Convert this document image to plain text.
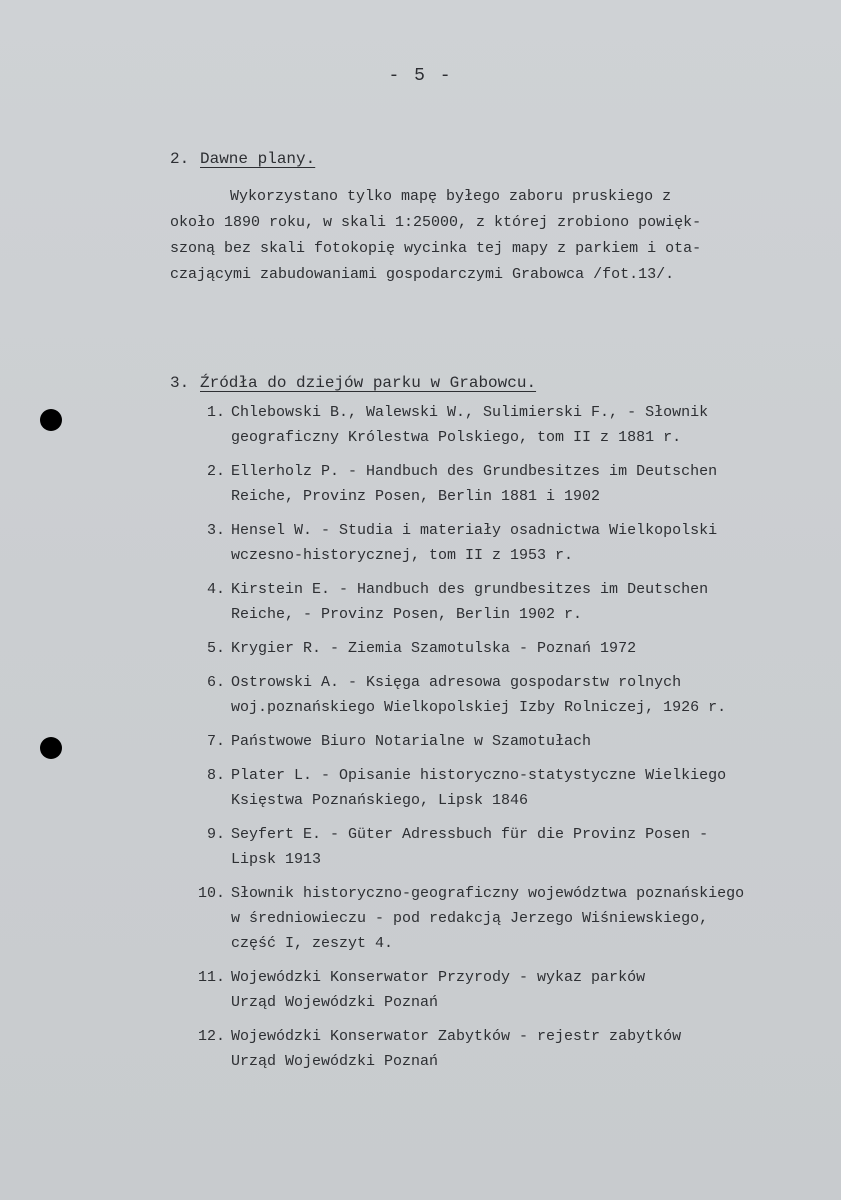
- 5 -
2. Dawne plany.
Wykorzystano tylko mapę byłego zaboru pruskiego z
około 1890 roku, w skali 1:25000, z której zrobiono powięk-
szoną bez skali fotokopię wycinka tej mapy z parkiem i ota-
czającymi zabudowaniami gospodarczymi Grabowca /fot.13/.
3. Źródła do dziejów parku w Grabowcu.
1. Chlebowski B., Walewski W., Sulimierski F., - Słownik
geograficzny Królestwa Polskiego, tom II z 1881 r.
2. Ellerholz P. - Handbuch des Grundbesitzes im Deutschen
Reiche, Provinz Posen, Berlin 1881 i 1902
3. Hensel W. - Studia i materiały osadnictwa Wielkopolski
wczesno-historycznej, tom II z 1953 r.
4. Kirstein E. - Handbuch des grundbesitzes im Deutschen
Reiche, - Provinz Posen, Berlin 1902 r.
5. Krygier R. - Ziemia Szamotulska - Poznań 1972
6. Ostrowski A. - Księga adresowa gospodarstw rolnych
woj.poznańskiego Wielkopolskiej Izby Rolniczej, 1926 r.
7. Państwowe Biuro Notarialne w Szamotułach
8. Plater L. - Opisanie historyczno-statystyczne Wielkiego
Księstwa Poznańskiego, Lipsk 1846
9. Seyfert E. - Güter Adressbuch für die Provinz Posen -
Lipsk 1913
10. Słownik historyczno-geograficzny województwa poznańskiego
w średniowieczu - pod redakcją Jerzego Wiśniewskiego,
część I, zeszyt 4.
11. Wojewódzki Konserwator Przyrody - wykaz parków
Urząd Wojewódzki Poznań
12. Wojewódzki Konserwator Zabytków - rejestr zabytków
Urząd Wojewódzki Poznań
